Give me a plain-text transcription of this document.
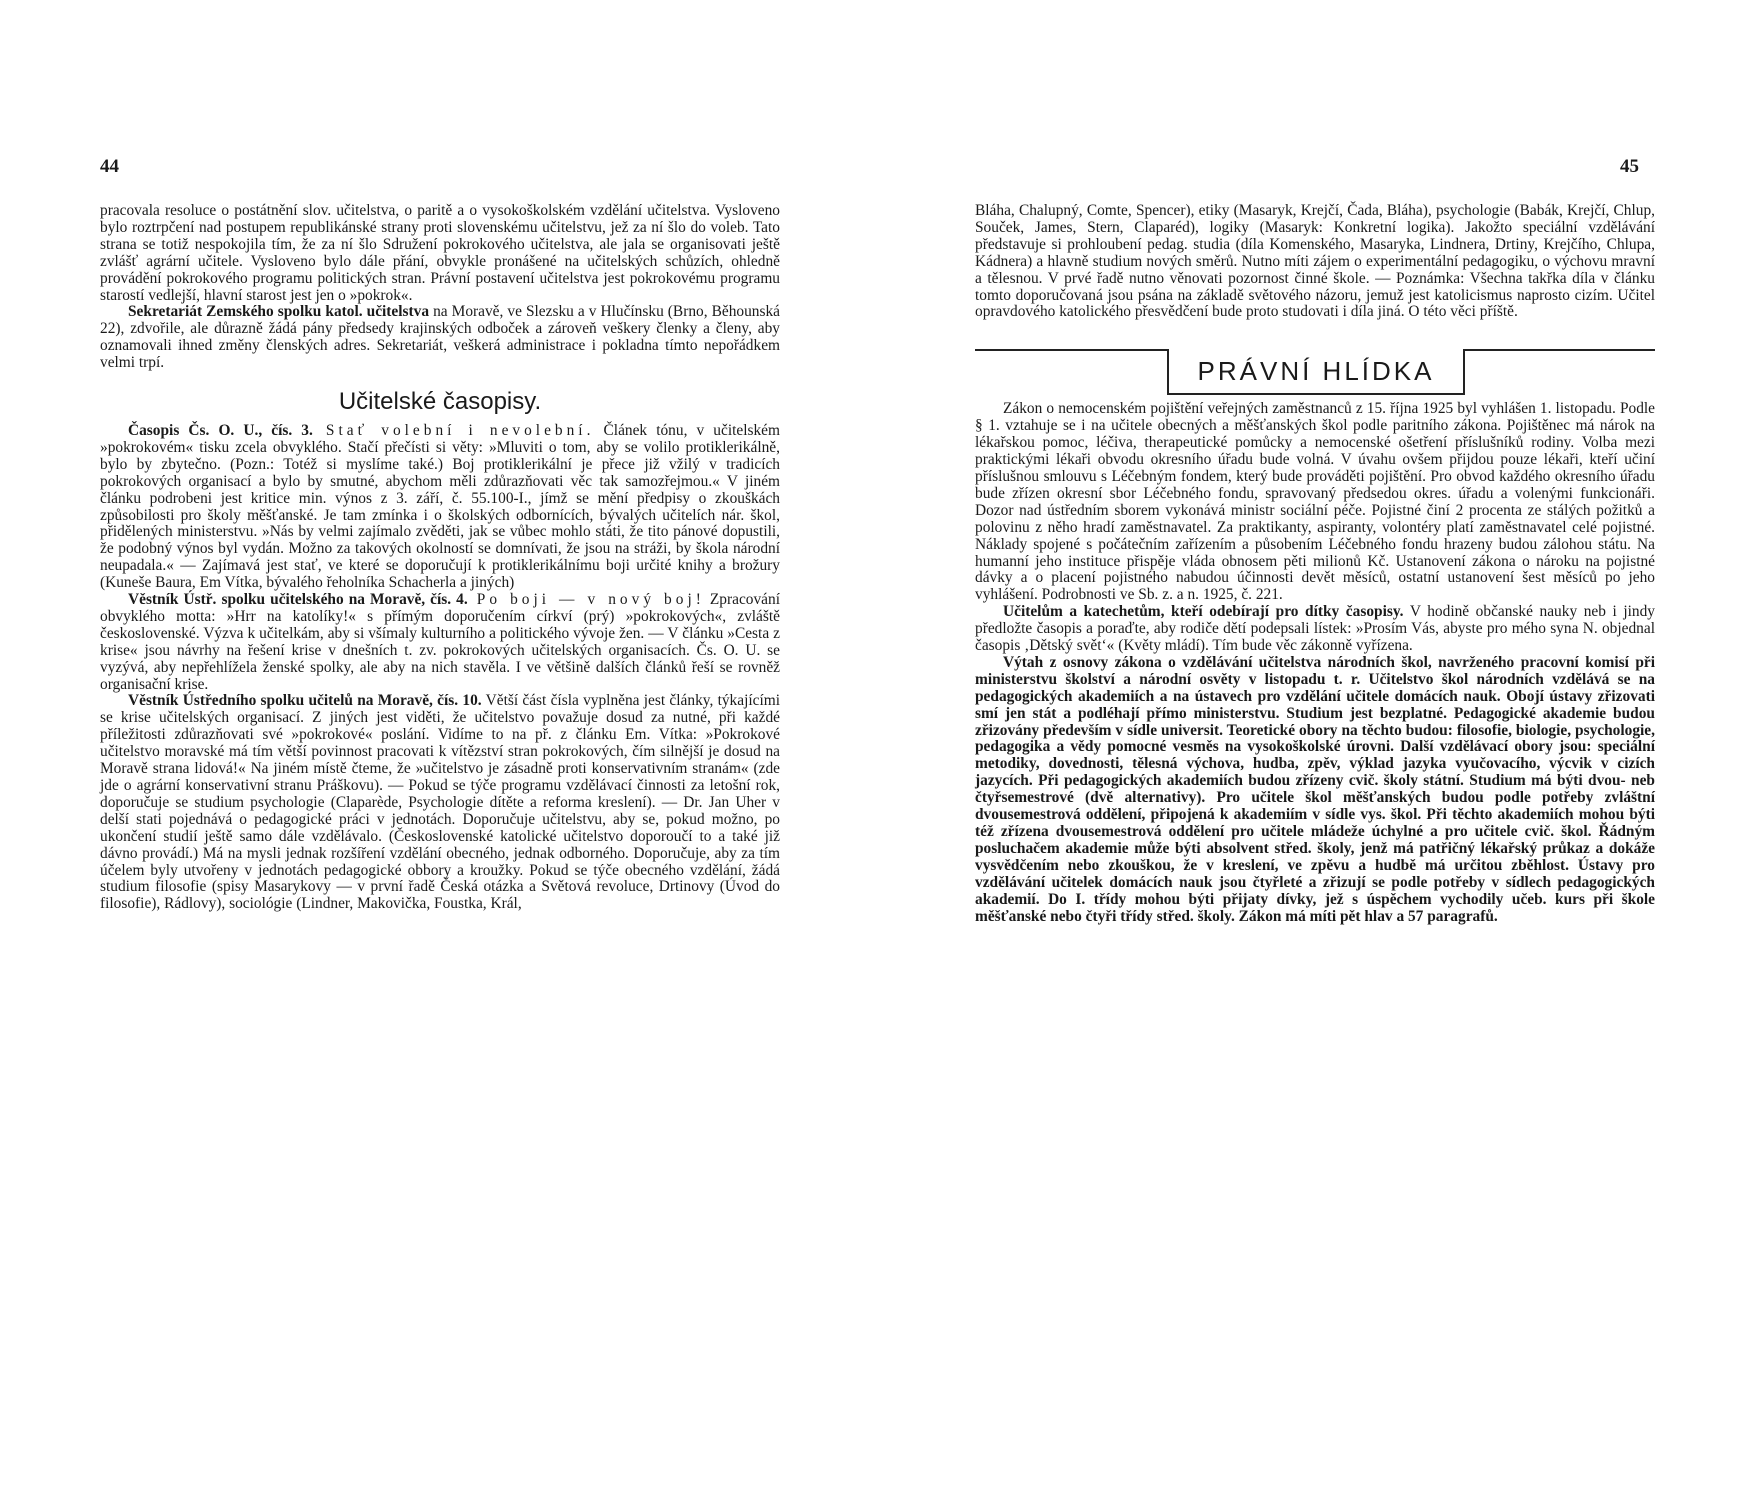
44	45

pracovala resoluce o postátnění slov. učitelstva, o paritě a o vysokoškolském vzdělání učitelstva. Vysloveno bylo roztrpčení nad postupem republikánské strany proti slovenskému učitelstvu, jež za ní šlo do voleb. Tato strana se totiž nespokojila tím, že za ní šlo Sdružení pokrokového učitelstva, ale jala se organisovati ještě zvlášť agrární učitele. Vysloveno bylo dále přání, obvykle pronášené na učitelských schůzích, ohledně provádění pokrokového programu politických stran. Právní postavení učitelstva jest pokrokovému programu starostí vedlejší, hlavní starost jest jen o »pokrok«.

Sekretariát Zemského spolku katol. učitelstva na Moravě, ve Slezsku a v Hlučínsku (Brno, Běhounská 22), zdvořile, ale důrazně žádá pány předsedy krajinských odboček a zároveň veškery členky a členy, aby oznamovali ihned změny členských adres. Sekretariát, veškerá administrace i pokladna tímto nepořádkem velmi trpí.

Učitelské časopisy.

Časopis Čs. O. U., čís. 3. Stať volební i nevolební. Článek tónu, v učitelském »pokrokovém« tisku zcela obvyklého. Stačí přečísti si věty: »Mluviti o tom, aby se volilo protiklerikálně, bylo by zbytečno. (Pozn.: Totéž si myslíme také.) Boj protiklerikální je přece již vžilý v tradicích pokrokových organisací a bylo by smutné, abychom měli zdůrazňovati věc tak samozřejmou.« V jiném článku podrobeni jest kritice min. výnos z 3. září, č. 55.100-I., jímž se mění předpisy o zkouškách způsobilosti pro školy měšťanské. Je tam zmínka i o školských odbornících, bývalých učitelích nár. škol, přidělených ministerstvu. »Nás by velmi zajímalo zvěděti, jak se vůbec mohlo státi, že tito pánové dopustili, že podobný výnos byl vydán. Možno za takových okolností se domnívati, že jsou na stráži, by škola národní neupadala.« — Zajímavá jest stať, ve které se doporučují k protiklerikálnímu boji určité knihy a brožury (Kuneše Baura, Em Vítka, bývalého řeholníka Schacherla a jiných)

Věstník Ústř. spolku učitelského na Moravě, čís. 4. Po boji — v nový boj! Zpracování obvyklého motta: »Hrr na katolíky!« s přímým doporučením církví (prý) »pokrokových«, zvláště československé. Výzva k učitelkám, aby si všímaly kulturního a politického vývoje žen. — V článku »Cesta z krise« jsou návrhy na řešení krise v dnešních t. zv. pokrokových učitelských organisacích. Čs. O. U. se vyzývá, aby nepřehlížela ženské spolky, ale aby na nich stavěla. I ve většině dalších článků řeší se rovněž organisační krise.

Věstník Ústředního spolku učitelů na Moravě, čís. 10. Větší část čísla vyplněna jest články, týkajícími se krise učitelských organisací. Z jiných jest viděti, že učitelstvo považuje dosud za nutné, při každé příležitosti zdůrazňovati své »pokrokové« poslání. Vidíme to na př. z článku Em. Vítka: »Pokrokové učitelstvo moravské má tím větší povinnost pracovati k vítězství stran pokrokových, čím silnější je dosud na Moravě strana lidová!« Na jiném místě čteme, že »učitelstvo je zásadně proti konservativním stranám« (zde jde o agrární konservativní stranu Práškovu). — Pokud se týče programu vzdělávací činnosti za letošní rok, doporučuje se studium psychologie (Claparède, Psychologie dítěte a reforma kreslení). — Dr. Jan Uher v delší stati pojednává o pedagogické práci v jednotách. Doporučuje učitelstvu, aby se, pokud možno, po ukončení studií ještě samo dále vzdělávalo. (Československé katolické učitelstvo doporoučí to a také již dávno provádí.) Má na mysli jednak rozšíření vzdělání obecného, jednak odborného. Doporučuje, aby za tím účelem byly utvořeny v jednotách pedagogické obbory a kroužky. Pokud se týče obecného vzdělání, žádá studium filosofie (spisy Masarykovy — v první řadě Česká otázka a Světová revoluce, Drtinovy (Úvod do filosofie), Rádlovy), sociológie (Lindner, Makovička, Foustka, Král,

Bláha, Chalupný, Comte, Spencer), etiky (Masaryk, Krejčí, Čada, Bláha), psychologie (Babák, Krejčí, Chlup, Souček, James, Stern, Claparéd), logiky (Masaryk: Konkretní logika). Jakožto speciální vzdělávání představuje si prohloubení pedag. studia (díla Komenského, Masaryka, Lindnera, Drtiny, Krejčího, Chlupa, Kádnera) a hlavně studium nových směrů. Nutno míti zájem o experimentální pedagogiku, o výchovu mravní a tělesnou. V prvé řadě nutno věnovati pozornost činné škole. — Poznámka: Všechna takřka díla v článku tomto doporučovaná jsou psána na základě světového názoru, jemuž jest katolicismus naprosto cizím. Učitel opravdového katolického přesvědčení bude proto studovati i díla jiná. O této věci příště.

PRÁVNÍ HLÍDKA

Zákon o nemocenském pojištění veřejných zaměstnanců z 15. října 1925 byl vyhlášen 1. listopadu. Podle § 1. vztahuje se i na učitele obecných a měšťanských škol podle paritního zákona. Pojištěnec má nárok na lékařskou pomoc, léčiva, therapeutické pomůcky a nemocenské ošetření příslušníků rodiny. Volba mezi praktickými lékaři obvodu okresního úřadu bude volná. V úvahu ovšem přijdou pouze lékaři, kteří učiní příslušnou smlouvu s Léčebným fondem, který bude prováděti pojištění. Pro obvod každého okresního úřadu bude zřízen okresní sbor Léčebného fondu, spravovaný předsedou okres. úřadu a volenými funkcionáři. Dozor nad ústředním sborem vykonává ministr sociální péče. Pojistné činí 2 procenta ze stálých požitků a polovinu z něho hradí zaměstnavatel. Za praktikanty, aspiranty, volontéry platí zaměstnavatel celé pojistné. Náklady spojené s počátečním zařízením a působením Léčebného fondu hrazeny budou zálohou státu. Na humanní jeho instituce přispěje vláda obnosem pěti milionů Kč. Ustanovení zákona o nároku na pojistné dávky a o placení pojistného nabudou účinnosti devět měsíců, ostatní ustanovení šest měsíců po jeho vyhlášení. Podrobnosti ve Sb. z. a n. 1925, č. 221.

Učitelům a katechetům, kteří odebírají pro dítky časopisy. V hodině občanské nauky neb i jindy předložte časopis a poraďte, aby rodiče dětí podepsali lístek: »Prosím Vás, abyste pro mého syna N. objednal časopis ‚Dětský svět‘« (Květy mládí). Tím bude věc zákonně vyřízena.

Výtah z osnovy zákona o vzdělávání učitelstva národních škol, navrženého pracovní komisí při ministerstvu školství a národní osvěty v listopadu t. r. Učitelstvo škol národních vzdělává se na pedagogických akademiích a na ústavech pro vzdělání učitele domácích nauk. Obojí ústavy zřizovati smí jen stát a podléhají přímo ministerstvu. Studium jest bezplatné. Pedagogické akademie budou zřizovány především v sídle universit. Teoretické obory na těchto budou: filosofie, biologie, psychologie, pedagogika a vědy pomocné vesměs na vysokoškolské úrovni. Další vzdělávací obory jsou: speciální metodiky, dovednosti, tělesná výchova, hudba, zpěv, výklad jazyka vyučovacího, výcvik v cizích jazycích. Při pedagogických akademiích budou zřízeny cvič. školy státní. Studium má býti dvou- neb čtyřsemestrové (dvě alternativy). Pro učitele škol měšťanských budou podle potřeby zvláštní dvousemestrová oddělení, připojená k akademiím v sídle vys. škol. Při těchto akademiích mohou býti též zřízena dvousemestrová oddělení pro učitele mládeže úchylné a pro učitele cvič. škol. Řádným posluchačem akademie může býti absolvent střed. školy, jenž má patřičný lékařský průkaz a dokáže vysvědčením nebo zkouškou, že v kreslení, ve zpěvu a hudbě má určitou zběhlost. Ústavy pro vzdělávání učitelek domácích nauk jsou čtyřleté a zřizují se podle potřeby v sídlech pedagogických akademií. Do I. třídy mohou býti přijaty dívky, jež s úspěchem vychodily učeb. kurs při škole měšťanské nebo čtyři třídy střed. školy. Zákon má míti pět hlav a 57 paragrafů.
